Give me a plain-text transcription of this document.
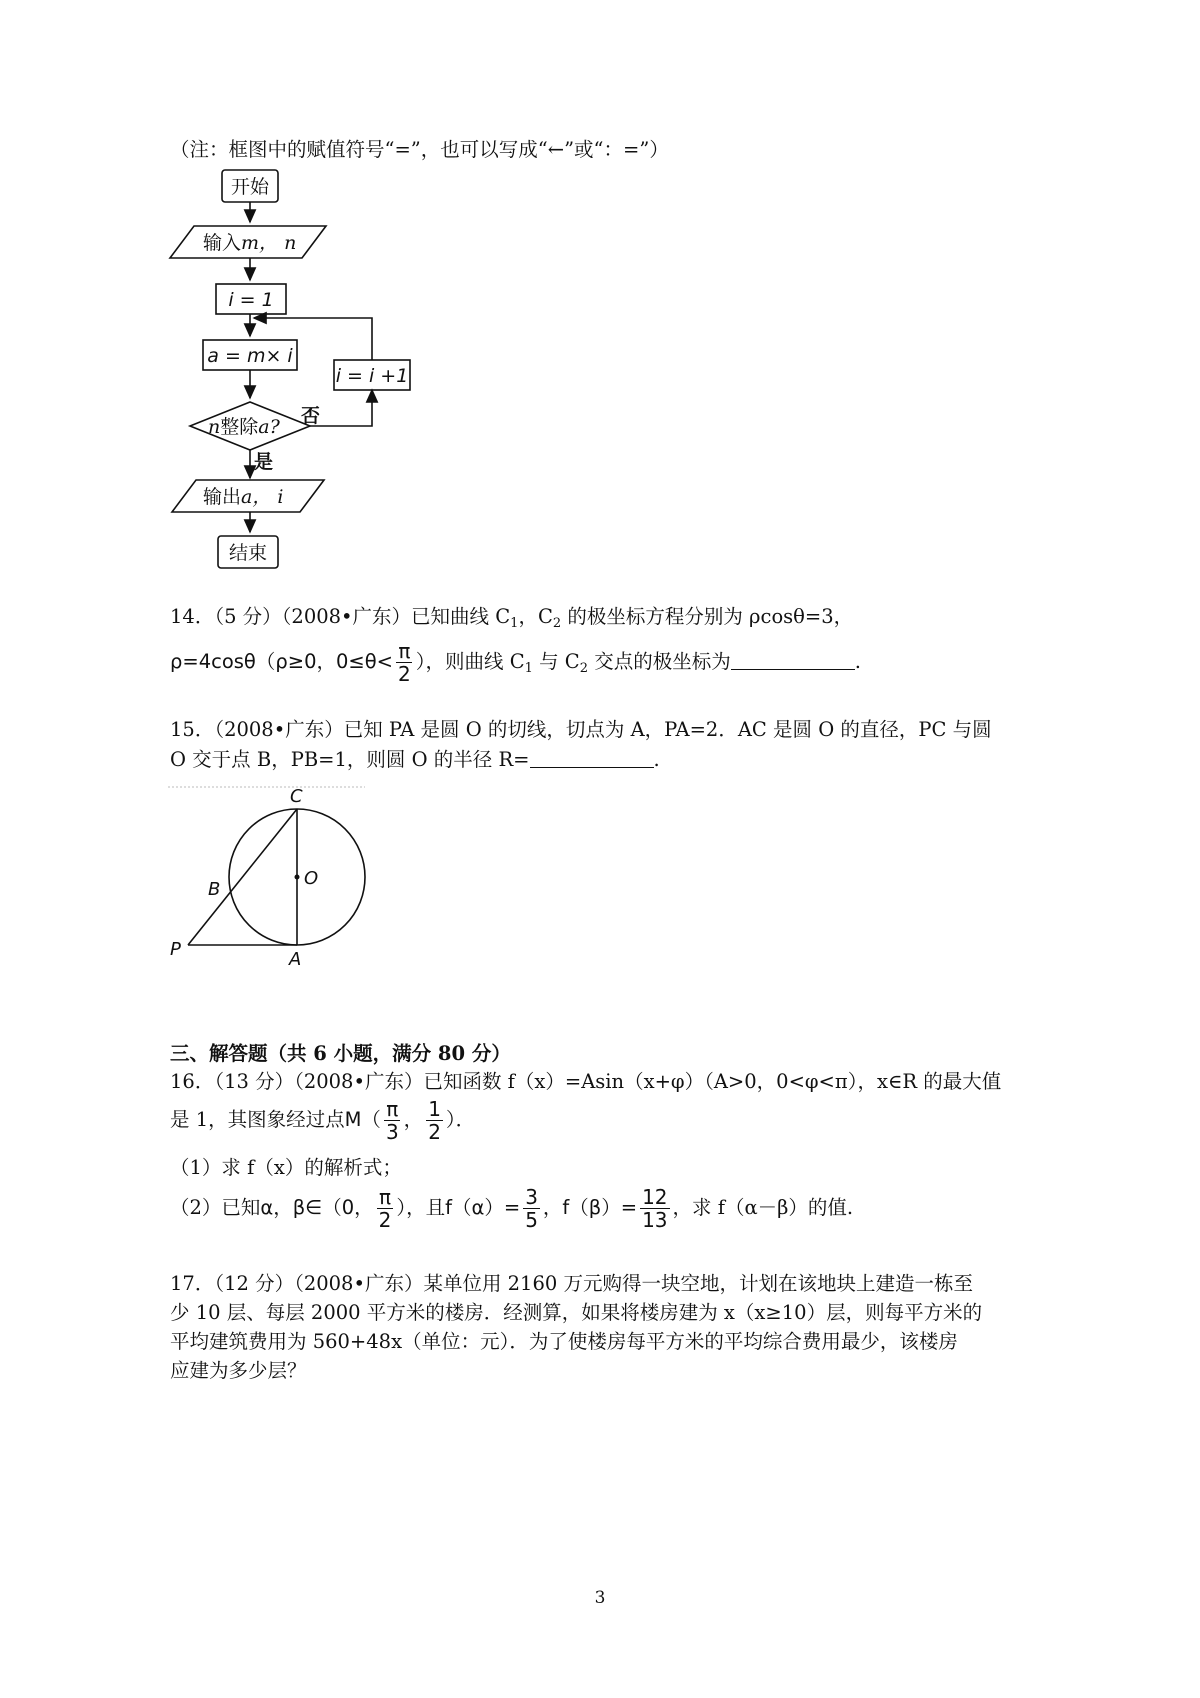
（注：框图中的赋值符号“=”，也可以写成“←”或“：=”）
开始
输入m， n
i = 1
a = m× i
i = i +1
n整除a? 否
是
输出a， i
结束
14．（5 分）（2008•广东）已知曲线 $C_1$，$C_2$ 的极坐标方程分别为 ρcosθ=3，
ρ=4cosθ（ρ≥0，$0\le\theta< \frac{\pi}{2}$ ），则曲线 $C_1$ 与 $C_2$ 交点的极坐标为	.
15．（2008•广东）已知 PA 是圆 O 的切线，切点为 A，PA=2．AC 是圆 O 的直径，PC 与圆
O 交于点 B，PB=1，则圆 O 的半径 R=	.
C
O
B
P	A
三、解答题（共 6 小题，满分 80 分）
16．（13 分）（2008•广东）已知函数 f（x）=Asin（x+φ）（A>0，0<φ<π），x∈R 的最大值
是 1，其图象经过点$M( \frac{\pi}{3}$ ， $\frac{1}{2}$ ）．
（1）求 f（x）的解析式；
（2）已知α，β∈（0， $\frac{\pi}{2}$ ），且$f(\alpha)= \frac{3}{5}$ ，$f(\beta)= \frac{12}{13}$ ，求 f（α－β）的值.
17．（12 分）（2008•广东）某单位用 2160 万元购得一块空地，计划在该地块上建造一栋至
少 10 层、每层 2000 平方米的楼房．经测算，如果将楼房建为 x（x≥10）层，则每平方米的
平均建筑费用为 560+48x（单位：元）．为了使楼房每平方米的平均综合费用最少，该楼房
应建为多少层？
3
